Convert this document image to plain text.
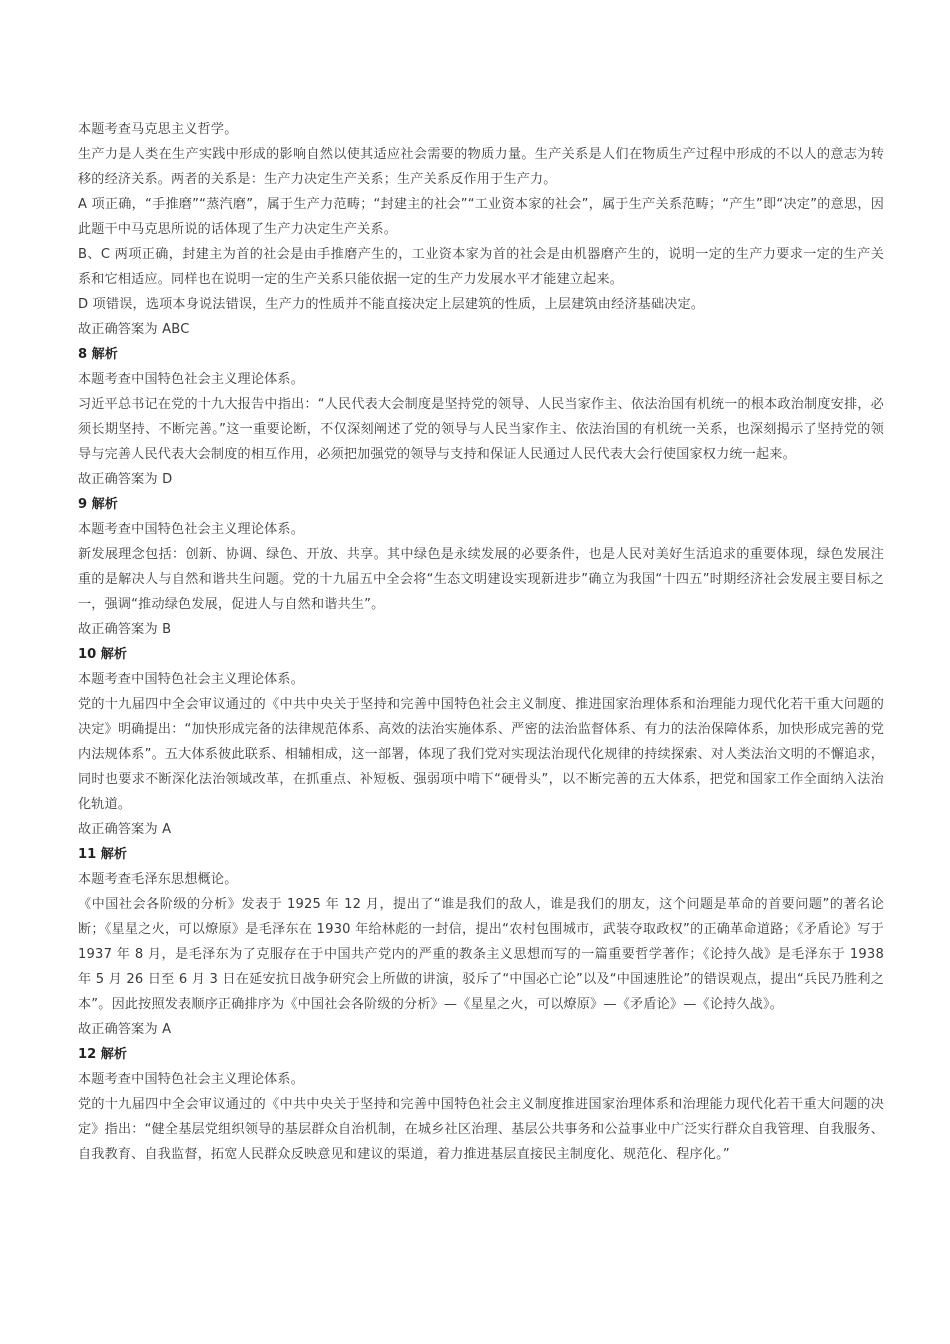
本题考查马克思主义哲学。

生产力是人类在生产实践中形成的影响自然以使其适应社会需要的物质力量。生产关系是人们在物质生产过程中形成的不以人的意志为转移的经济关系。两者的关系是：生产力决定生产关系；生产关系反作用于生产力。

A 项正确，“手推磨”“蒸汽磨”，属于生产力范畴；“封建主的社会”“工业资本家的社会”，属于生产关系范畴；“产生”即“决定”的意思，因此题干中马克思所说的话体现了生产力决定生产关系。

B、C 两项正确，封建主为首的社会是由手推磨产生的，工业资本家为首的社会是由机器磨产生的，说明一定的生产力要求一定的生产关系和它相适应。同样也在说明一定的生产关系只能依据一定的生产力发展水平才能建立起来。

D 项错误，选项本身说法错误，生产力的性质并不能直接决定上层建筑的性质，上层建筑由经济基础决定。

故正确答案为 ABC

8 解析

本题考查中国特色社会主义理论体系。

习近平总书记在党的十九大报告中指出：“人民代表大会制度是坚持党的领导、人民当家作主、依法治国有机统一的根本政治制度安排，必须长期坚持、不断完善。”这一重要论断，不仅深刻阐述了党的领导与人民当家作主、依法治国的有机统一关系，也深刻揭示了坚持党的领导与完善人民代表大会制度的相互作用，必须把加强党的领导与支持和保证人民通过人民代表大会行使国家权力统一起来。

故正确答案为 D

9 解析

本题考查中国特色社会主义理论体系。

新发展理念包括：创新、协调、绿色、开放、共享。其中绿色是永续发展的必要条件，也是人民对美好生活追求的重要体现，绿色发展注重的是解决人与自然和谐共生问题。党的十九届五中全会将“生态文明建设实现新进步”确立为我国“十四五”时期经济社会发展主要目标之一，强调“推动绿色发展，促进人与自然和谐共生”。

故正确答案为 B

10 解析

本题考查中国特色社会主义理论体系。

党的十九届四中全会审议通过的《中共中央关于坚持和完善中国特色社会主义制度、推进国家治理体系和治理能力现代化若干重大问题的决定》明确提出：“加快形成完备的法律规范体系、高效的法治实施体系、严密的法治监督体系、有力的法治保障体系，加快形成完善的党内法规体系”。五大体系彼此联系、相辅相成，这一部署，体现了我们党对实现法治现代化规律的持续探索、对人类法治文明的不懈追求，同时也要求不断深化法治领域改革，在抓重点、补短板、强弱项中啃下“硬骨头”，以不断完善的五大体系，把党和国家工作全面纳入法治化轨道。

故正确答案为 A

11 解析

本题考查毛泽东思想概论。

《中国社会各阶级的分析》发表于 1925 年 12 月，提出了“谁是我们的敌人，谁是我们的朋友，这个问题是革命的首要问题”的著名论断；《星星之火，可以燎原》是毛泽东在 1930 年给林彪的一封信，提出“农村包围城市，武装夺取政权”的正确革命道路；《矛盾论》写于 1937 年 8 月，是毛泽东为了克服存在于中国共产党内的严重的教条主义思想而写的一篇重要哲学著作；《论持久战》是毛泽东于 1938 年 5 月 26 日至 6 月 3 日在延安抗日战争研究会上所做的讲演，驳斥了“中国必亡论”以及“中国速胜论”的错误观点，提出“兵民乃胜利之本”。因此按照发表顺序正确排序为《中国社会各阶级的分析》—《星星之火，可以燎原》—《矛盾论》—《论持久战》。

故正确答案为 A

12 解析

本题考查中国特色社会主义理论体系。

党的十九届四中全会审议通过的《中共中央关于坚持和完善中国特色社会主义制度推进国家治理体系和治理能力现代化若干重大问题的决定》指出：“健全基层党组织领导的基层群众自治机制，在城乡社区治理、基层公共事务和公益事业中广泛实行群众自我管理、自我服务、自我教育、自我监督，拓宽人民群众反映意见和建议的渠道，着力推进基层直接民主制度化、规范化、程序化。”
